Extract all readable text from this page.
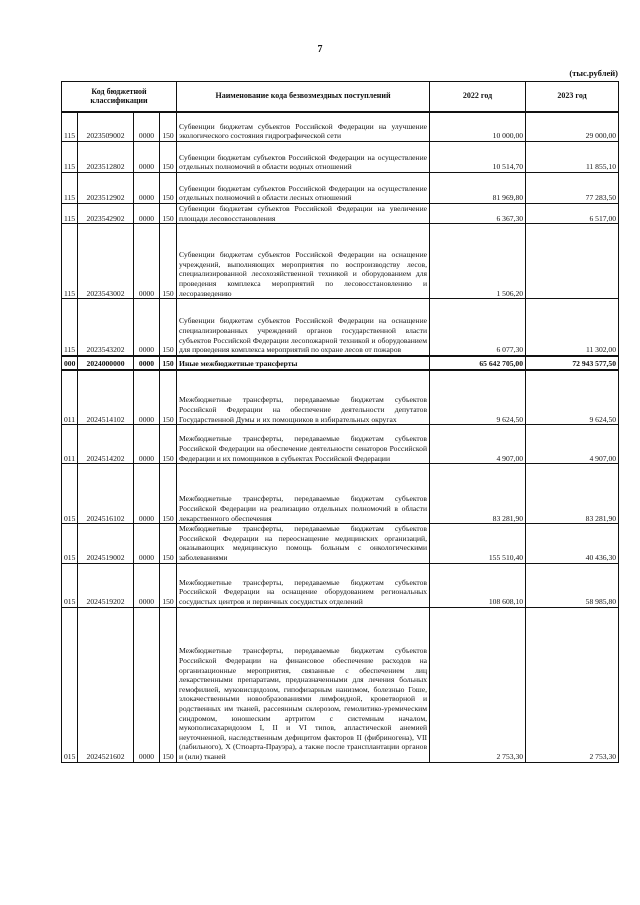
7
(тыс.рублей)
Код бюджетной классификации				Наименование кода безвозмездных поступлений	2022 год	2023 год
115	2023509002	0000	150	Субвенции бюджетам субъектов Российской Федерации на улучшение экологического состояния гидрографической сети	10 000,00	29 000,00
115	2023512802	0000	150	Субвенции бюджетам субъектов Российской Федерации на осуществление отдельных полномочий в области водных отношений	10 514,70	11 855,10
115	2023512902	0000	150	Субвенции бюджетам субъектов Российской Федерации на осуществление отдельных полномочий в области лесных отношений	81 969,80	77 283,50
115	2023542902	0000	150	Субвенции бюджетам субъектов Российской Федерации на увеличение площади лесовосстановления	6 367,30	6 517,00
115	2023543002	0000	150	Субвенции бюджетам субъектов Российской Федерации на оснащение учреждений, выполняющих мероприятия по воспроизводству лесов, специализированной лесохозяйственной техникой и оборудованием для проведения комплекса мероприятий по лесовосстановлению и лесоразведению	1 506,20	
115	2023543202	0000	150	Субвенции бюджетам субъектов Российской Федерации на оснащение специализированных учреждений органов государственной власти субъектов Российской Федерации лесопожарной техникой и оборудованием для проведения комплекса мероприятий по охране лесов от пожаров	6 077,30	11 302,00
000	2024000000	0000	150	Иные межбюджетные трансферты	65 642 705,00	72 943 577,50
011	2024514102	0000	150	Межбюджетные трансферты, передаваемые бюджетам субъектов Российской Федерации на обеспечение деятельности депутатов Государственной Думы и их помощников в избирательных округах	9 624,50	9 624,50
011	2024514202	0000	150	Межбюджетные трансферты, передаваемые бюджетам субъектов Российской Федерации на обеспечение деятельности сенаторов Российской Федерации и их помощников в субъектах Российской Федерации	4 907,00	4 907,00
015	2024516102	0000	150	Межбюджетные трансферты, передаваемые бюджетам субъектов Российской Федерации на реализацию отдельных полномочий в области лекарственного обеспечения	83 281,90	83 281,90
015	2024519002	0000	150	Межбюджетные трансферты, передаваемые бюджетам субъектов Российской Федерации на переоснащение медицинских организаций, оказывающих медицинскую помощь больным с онкологическими заболеваниями	155 510,40	40 436,30
015	2024519202	0000	150	Межбюджетные трансферты, передаваемые бюджетам субъектов Российской Федерации на оснащение оборудованием региональных сосудистых центров и первичных сосудистых отделений	108 608,10	58 985,80
015	2024521602	0000	150	Межбюджетные трансферты, передаваемые бюджетам субъектов Российской Федерации на финансовое обеспечение расходов на организационные мероприятия, связанные с обеспечением лиц лекарственными препаратами, предназначенными для лечения больных гемофилией, муковисцидозом, гипофизарным нанизмом, болезнью Гоше, злокачественными новообразованиями лимфоидной, кроветворной и родственных им тканей, рассеянным склерозом, гемолитико-уремическим синдромом, юношеским артритом с системным началом, мукополисахаридозом I, II и VI типов, апластической анемией неуточненной, наследственным дефицитом факторов II (фибриногена), VII (лабильного), X (Стюарта-Прауэра), а также после трансплантации органов и (или) тканей	2 753,30	2 753,30
